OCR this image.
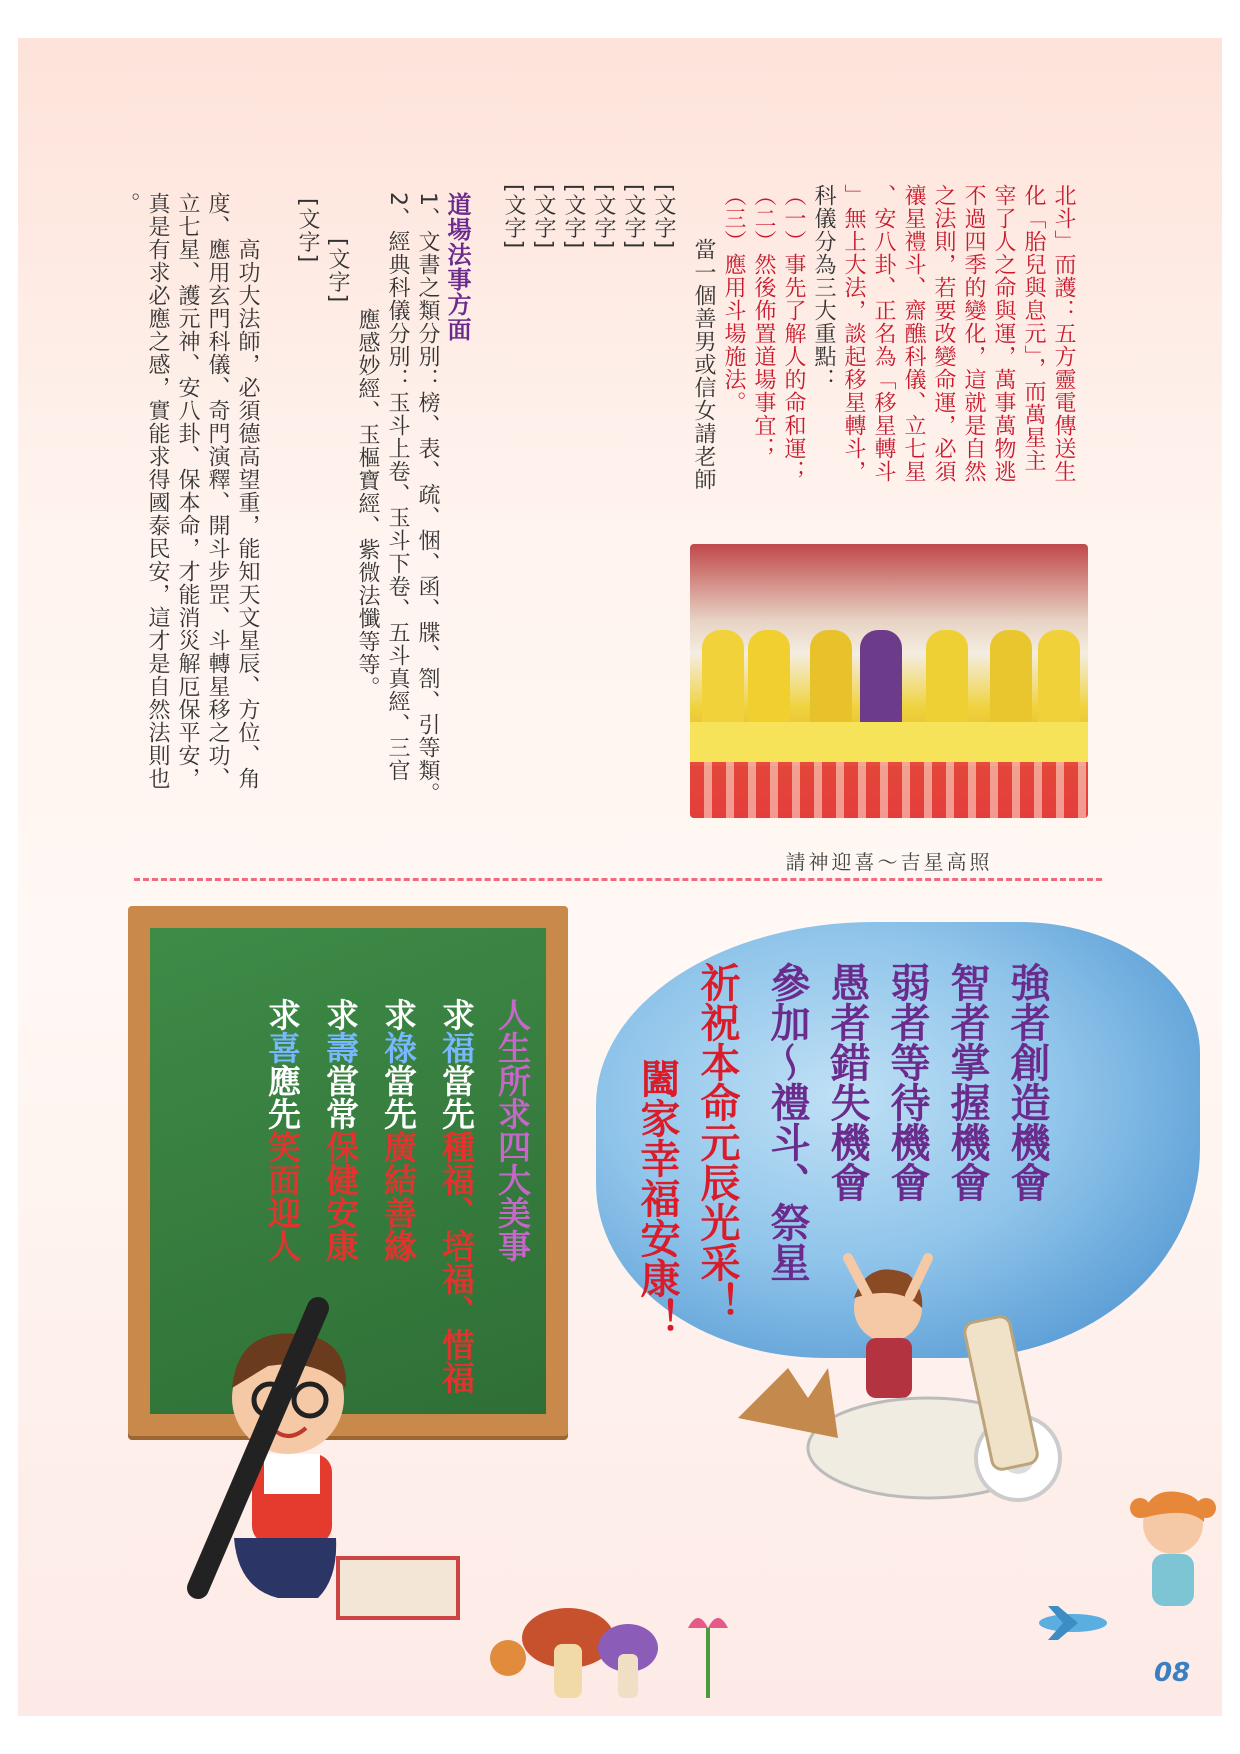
北斗」而護：五方靈電傳送生
化「胎兒與息元」，而萬星主
宰了人之命與運，萬事萬物逃
不過四季的變化，這就是自然
之法則，若要改變命運，必須
禳星禮斗、齋醮科儀、立七星
、安八卦、正名為「移星轉斗
」無上大法，談起移星轉斗，
科儀分為三大重點：
（一）事先了解人的命和運；
（二）然後佈置道場事宜；
（三）應用斗場施法。
當一個善男或信女請老師
[文字]
[文字]
[文字]
[文字]
[文字]
[文字]
道場法事方面
1、文書之類分別：榜、表、疏、悃、函、牒、劄、引等類。
2、經典科儀分別：玉斗上卷、玉斗下卷、五斗真經、三官
應感妙經、玉樞寶經、紫微法懺等等。
[文字]
[文字]
高功大法師，必須德高望重，能知天文星辰、方位、角
度、應用玄門科儀、奇門演釋、開斗步罡、斗轉星移之功、
立七星、護元神、安八卦、保本命，才能消災解厄保平安，
真是有求必應之感，實能求得國泰民安，這才是自然法則也
。
請神迎喜～吉星高照
人生所求四大美事
求福當先種福、培福、惜福
求祿當先廣結善緣
求壽當常保健安康
求喜應先笑面迎人	強者創造機會
智者掌握機會
弱者等待機會
愚者錯失機會
參加～禮斗、祭星
祈祝本命元辰光采！
闔家幸福安康！
08
